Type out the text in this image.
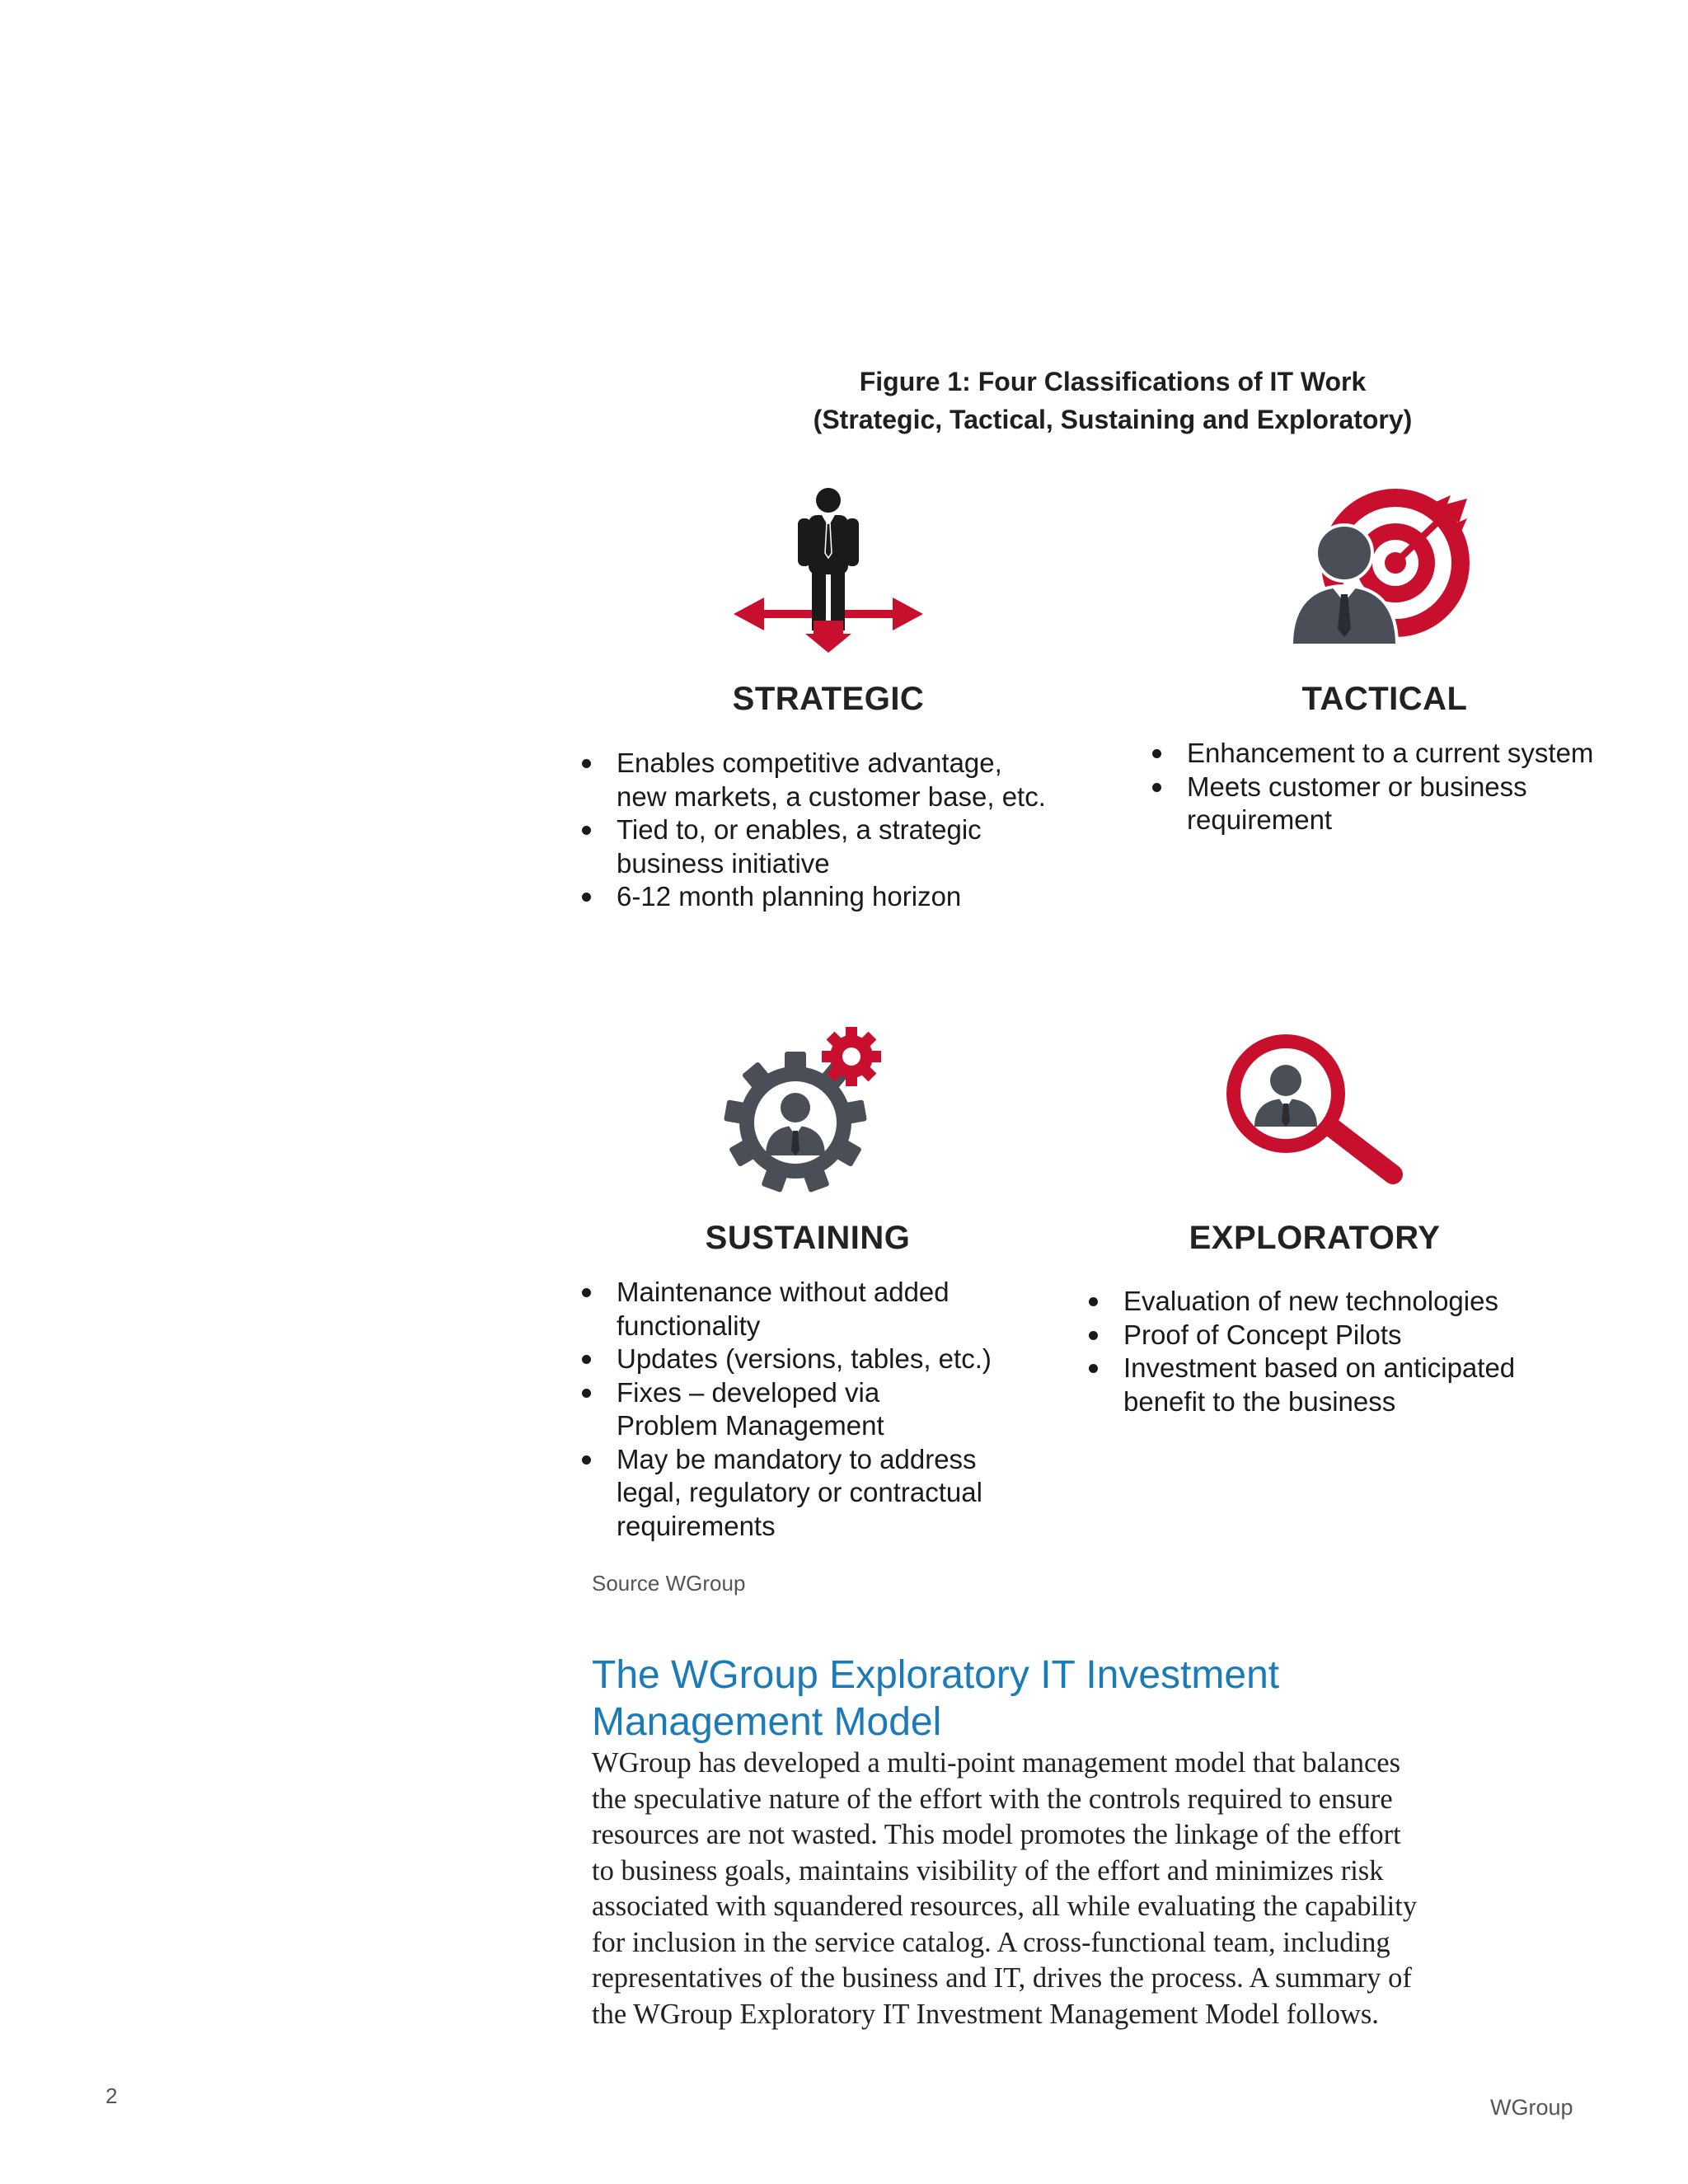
Figure 1: Four Classifications of IT Work
(Strategic, Tactical, Sustaining and Exploratory)
STRATEGIC
Enables competitive advantage,
new markets, a customer base, etc.
Tied to, or enables, a strategic
business initiative
6-12 month planning horizon
TACTICAL
Enhancement to a current system
Meets customer or business
requirement
SUSTAINING
Maintenance without added
functionality
Updates (versions, tables, etc.)
Fixes – developed via
Problem Management
May be mandatory to address
legal, regulatory or contractual
requirements
EXPLORATORY
Evaluation of new technologies
Proof of Concept Pilots
Investment based on anticipated
benefit to the business
Source WGroup
The WGroup Exploratory IT Investment
Management Model
WGroup has developed a multi-point management model that balances
the speculative nature of the effort with the controls required to ensure
resources are not wasted. This model promotes the linkage of the effort
to business goals, maintains visibility of the effort and minimizes risk
associated with squandered resources, all while evaluating the capability
for inclusion in the service catalog. A cross-functional team, including
representatives of the business and IT, drives the process. A summary of
the WGroup Exploratory IT Investment Management Model follows.
2	WGroup
